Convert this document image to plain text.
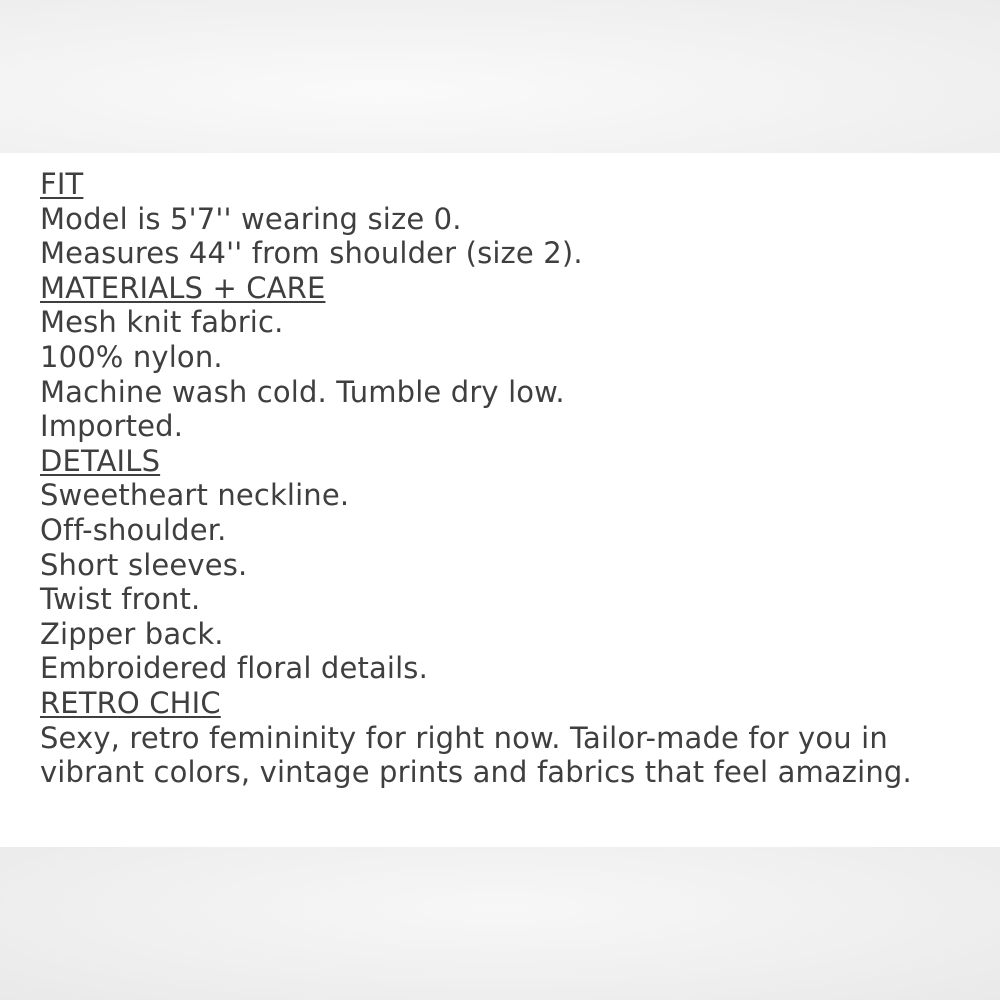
FIT

Model is 5'7'' wearing size 0.

Measures 44'' from shoulder (size 2).

MATERIALS + CARE

Mesh knit fabric.

100% nylon.

Machine wash cold. Tumble dry low.

Imported.

DETAILS

Sweetheart neckline.

Off-shoulder.

Short sleeves.

Twist front.

Zipper back.

Embroidered floral details.

RETRO CHIC

Sexy, retro femininity for right now. Tailor-made for you in vibrant colors, vintage prints and fabrics that feel amazing.
